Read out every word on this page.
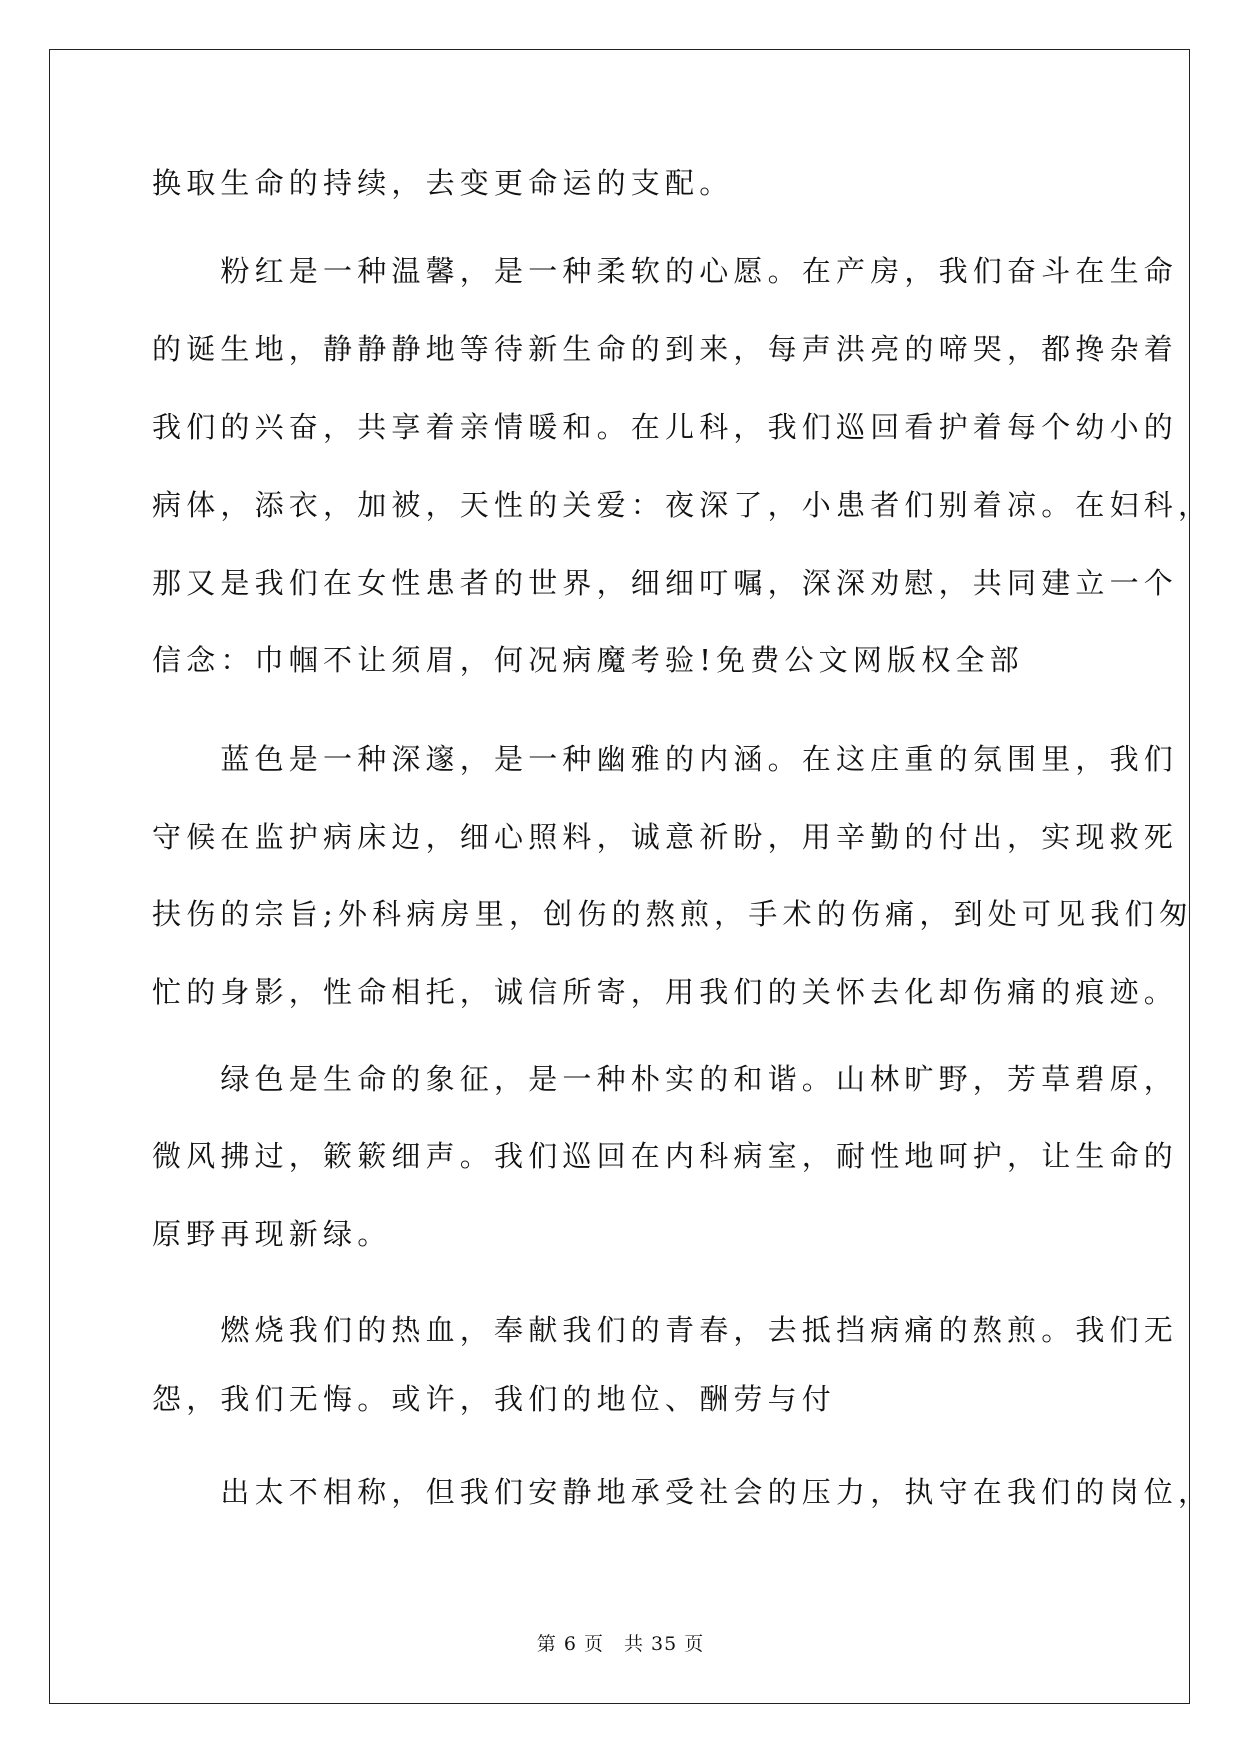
换取生命的持续，去变更命运的支配。
　　粉红是一种温馨，是一种柔软的心愿。在产房，我们奋斗在生命
的诞生地，静静静地等待新生命的到来，每声洪亮的啼哭，都搀杂着
我们的兴奋，共享着亲情暖和。在儿科，我们巡回看护着每个幼小的
病体，添衣，加被，天性的关爱：夜深了，小患者们别着凉。在妇科，
那又是我们在女性患者的世界，细细叮嘱，深深劝慰，共同建立一个
信念：巾帼不让须眉，何况病魔考验!免费公文网版权全部
　　蓝色是一种深邃，是一种幽雅的内涵。在这庄重的氛围里，我们
守候在监护病床边，细心照料，诚意祈盼，用辛勤的付出，实现救死
扶伤的宗旨;外科病房里，创伤的熬煎，手术的伤痛，到处可见我们匆
忙的身影，性命相托，诚信所寄，用我们的关怀去化却伤痛的痕迹。
　　绿色是生命的象征，是一种朴实的和谐。山林旷野，芳草碧原，
微风拂过，簌簌细声。我们巡回在内科病室，耐性地呵护，让生命的
原野再现新绿。
　　燃烧我们的热血，奉献我们的青春，去抵挡病痛的熬煎。我们无
怨，我们无悔。或许，我们的地位、酬劳与付
　　出太不相称，但我们安静地承受社会的压力，执守在我们的岗位，
第 6 页　共 35 页
